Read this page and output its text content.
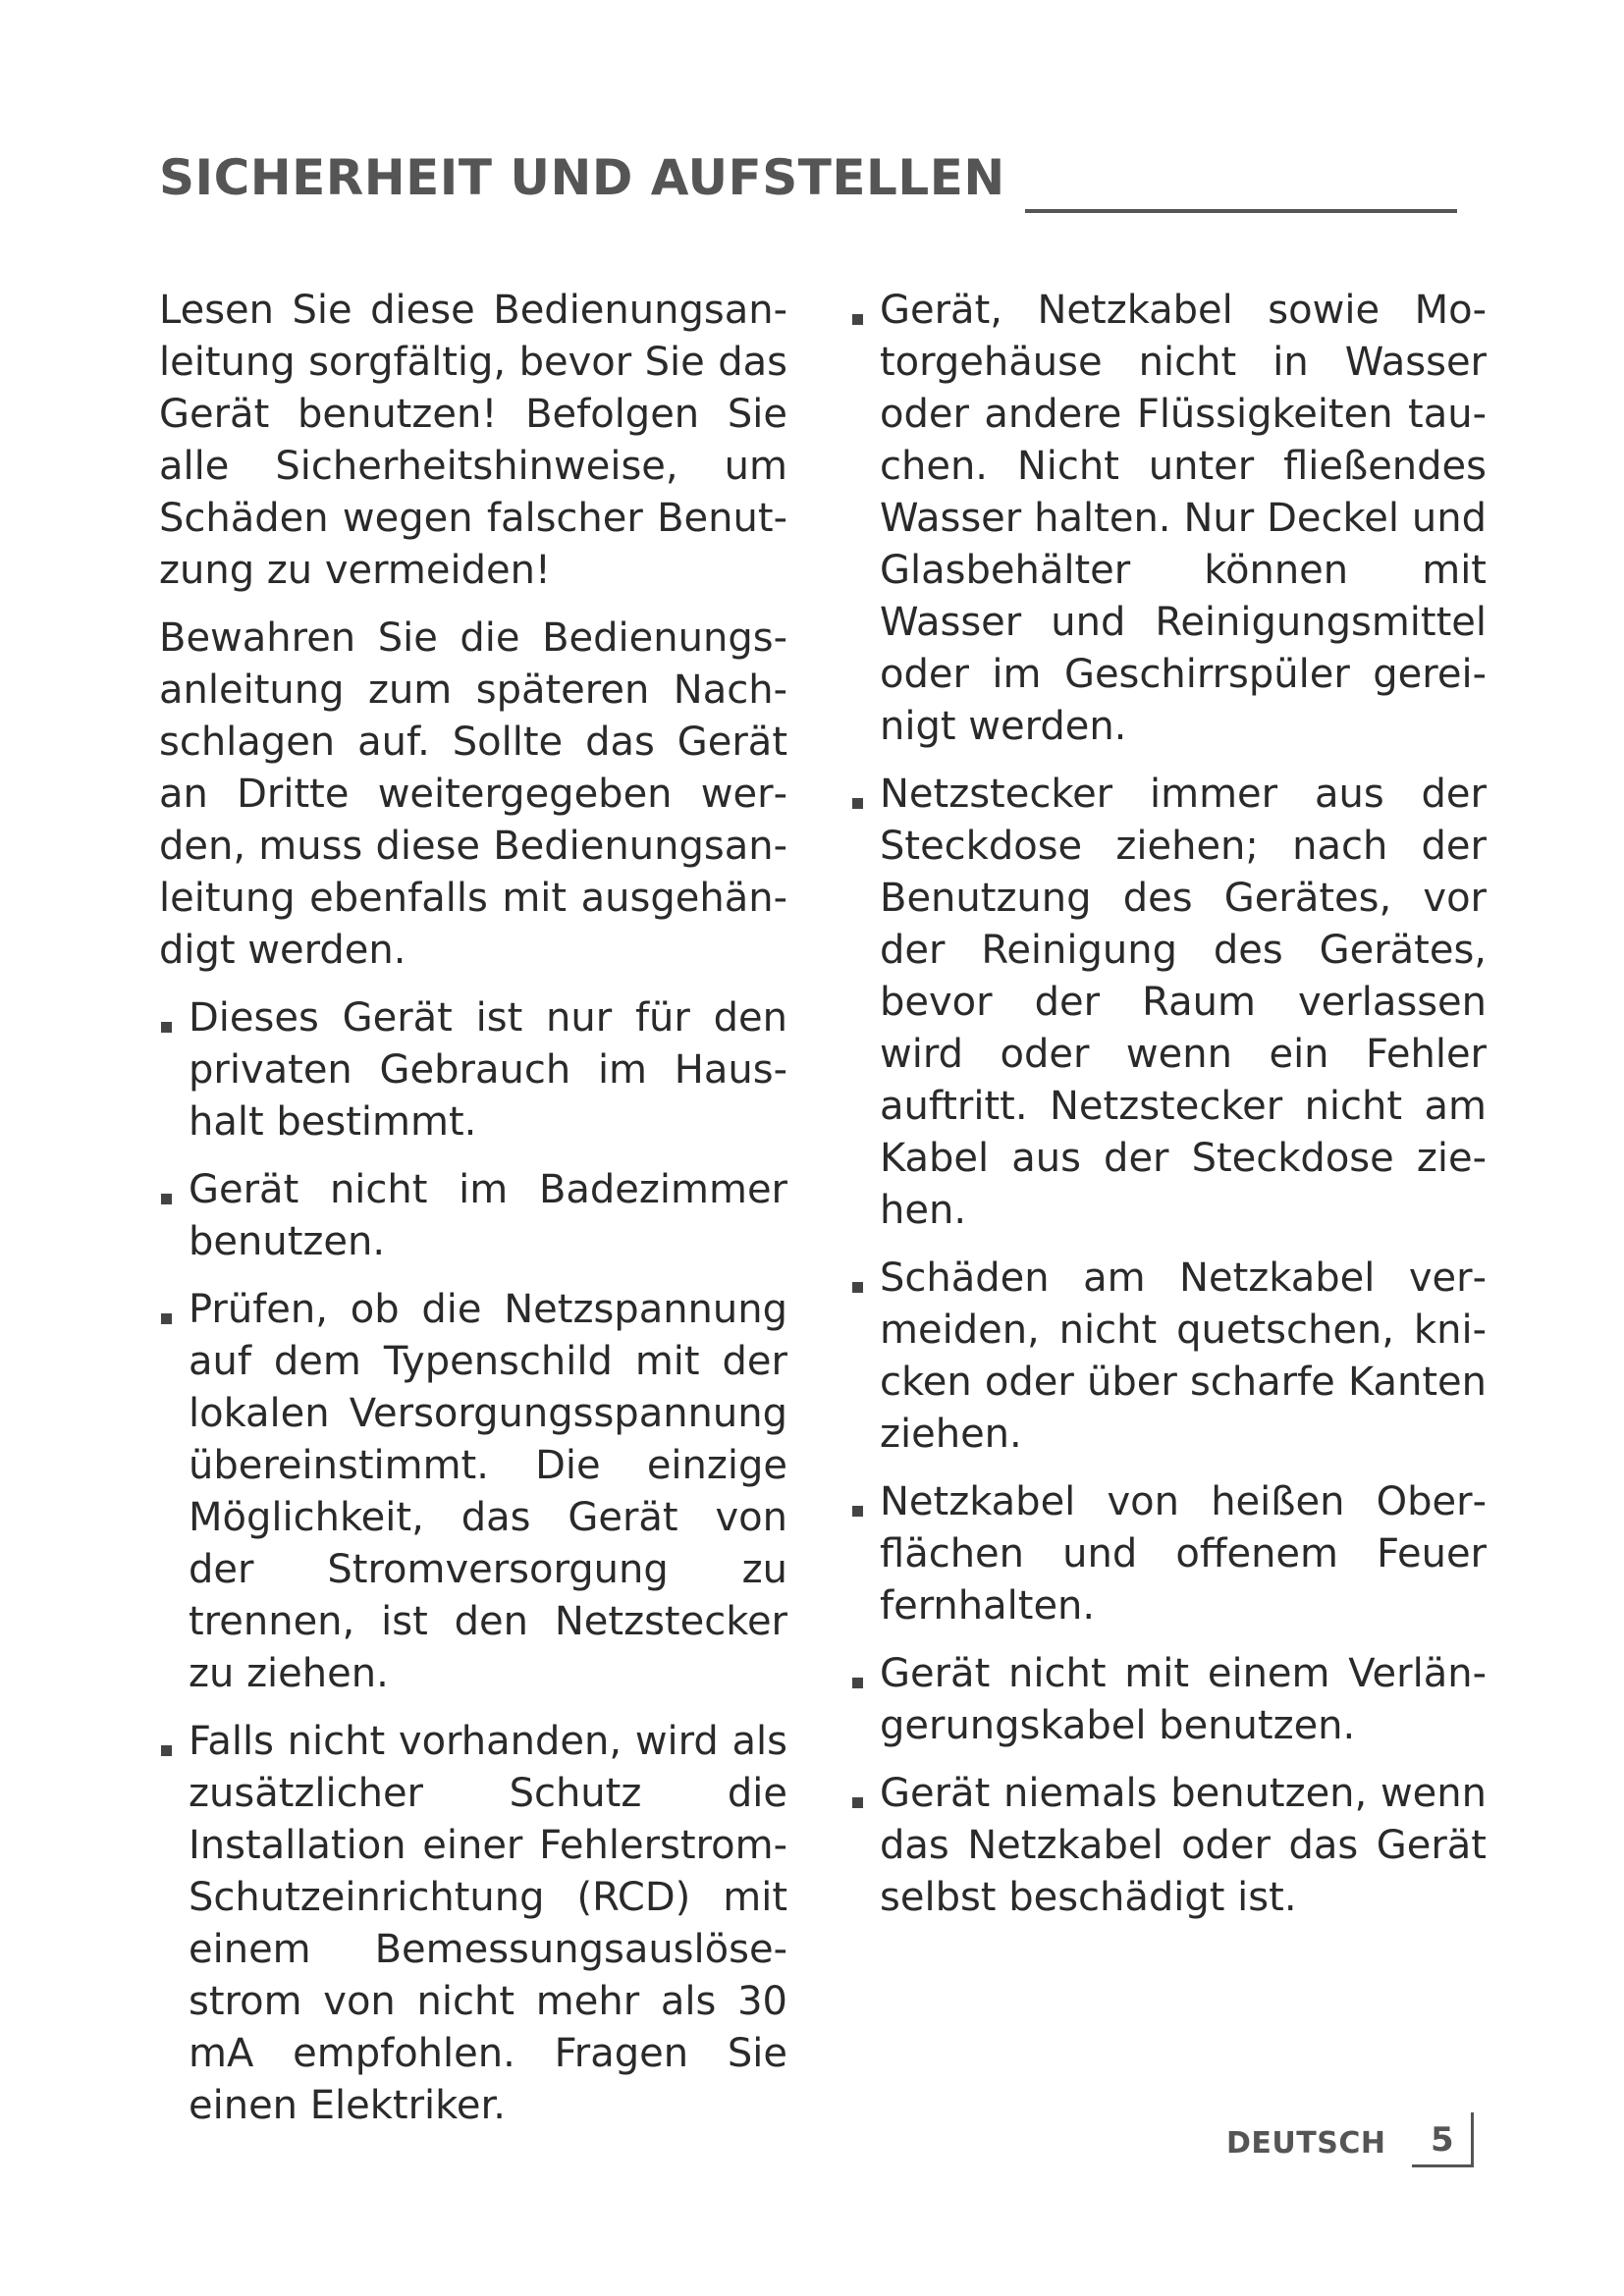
SICHERHEIT UND AUFSTELLEN

Lesen Sie diese Bedienungsanleitung sorgfältig, bevor Sie das Gerät benutzen! Befolgen Sie alle Sicherheitshinweise, um Schäden wegen falscher Benutzung zu vermeiden!

Bewahren Sie die Bedienungsanleitung zum späteren Nachschlagen auf. Sollte das Gerät an Dritte weitergegeben werden, muss diese Bedienungsanleitung ebenfalls mit ausgehändigt werden.

Dieses Gerät ist nur für den privaten Gebrauch im Haushalt bestimmt.
Gerät nicht im Badezimmer benutzen.
Prüfen, ob die Netzspannung auf dem Typenschild mit der lokalen Versorgungsspannung übereinstimmt. Die einzige Möglichkeit, das Gerät von der Stromversorgung zu trennen, ist den Netzstecker zu ziehen.
Falls nicht vorhanden, wird als zusätzlicher Schutz die Installation einer Fehlerstrom-Schutzeinrichtung (RCD) mit einem Bemessungsauslösestrom von nicht mehr als 30 mA empfohlen. Fragen Sie einen Elektriker.
Gerät, Netzkabel sowie Motorgehäuse nicht in Wasser oder andere Flüssigkeiten tauchen. Nicht unter fließendes Wasser halten. Nur Deckel und Glasbehälter können mit Wasser und Reinigungsmittel oder im Geschirrspüler gereinigt werden.
Netzstecker immer aus der Steckdose ziehen; nach der Benutzung des Gerätes, vor der Reinigung des Gerätes, bevor der Raum verlassen wird oder wenn ein Fehler auftritt. Netzstecker nicht am Kabel aus der Steckdose ziehen.
Schäden am Netzkabel vermeiden, nicht quetschen, knicken oder über scharfe Kanten ziehen.
Netzkabel von heißen Oberflächen und offenem Feuer fernhalten.
Gerät nicht mit einem Verlängerungskabel benutzen.
Gerät niemals benutzen, wenn das Netzkabel oder das Gerät selbst beschädigt ist.
DEUTSCH 5
